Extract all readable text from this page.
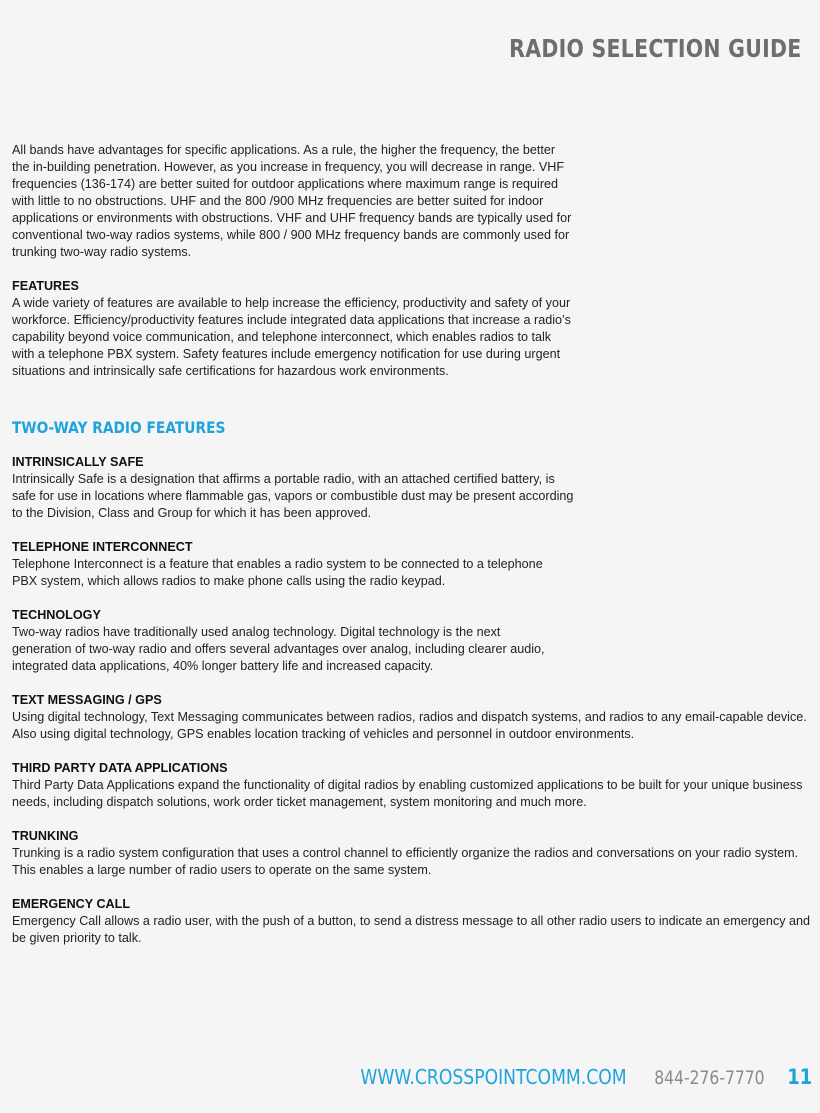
RADIO SELECTION GUIDE

All bands have advantages for specific applications. As a rule, the higher the frequency, the better the in-building penetration. However, as you increase in frequency, you will decrease in range. VHF frequencies (136-174) are better suited for outdoor applications where maximum range is required with little to no obstructions. UHF and the 800 /900 MHz frequencies are better suited for indoor applications or environments with obstructions. VHF and UHF frequency bands are typically used for conventional two-way radios systems, while 800 / 900 MHz frequency bands are commonly used for trunking two-way radio systems.

FEATURES

A wide variety of features are available to help increase the efficiency, productivity and safety of your workforce. Efficiency/productivity features include integrated data applications that increase a radio’s capability beyond voice communication, and telephone interconnect, which enables radios to talk with a telephone PBX system. Safety features include emergency notification for use during urgent situations and intrinsically safe certifications for hazardous work environments.

TWO-WAY RADIO FEATURES

INTRINSICALLY SAFE

Intrinsically Safe is a designation that affirms a portable radio, with an attached certified battery, is safe for use in locations where flammable gas, vapors or combustible dust may be present according to the Division, Class and Group for which it has been approved.

TELEPHONE INTERCONNECT

Telephone Interconnect is a feature that enables a radio system to be connected to a telephone PBX system, which allows radios to make phone calls using the radio keypad.

TECHNOLOGY

Two-way radios have traditionally used analog technology. Digital technology is the next generation of two-way radio and offers several advantages over analog, including clearer audio, integrated data applications, 40% longer battery life and increased capacity.

TEXT MESSAGING / GPS

Using digital technology, Text Messaging communicates between radios, radios and dispatch systems, and radios to any email-capable device. Also using digital technology, GPS enables location tracking of vehicles and personnel in outdoor environments.

THIRD PARTY DATA APPLICATIONS

Third Party Data Applications expand the functionality of digital radios by enabling customized applications to be built for your unique business needs, including dispatch solutions, work order ticket management, system monitoring and much more.

TRUNKING

Trunking is a radio system configuration that uses a control channel to efficiently organize the radios and conversations on your radio system. This enables a large number of radio users to operate on the same system.

EMERGENCY CALL

Emergency Call allows a radio user, with the push of a button, to send a distress message to all other radio users to indicate an emergency and be given priority to talk.

WWW.CROSSPOINTCOMM.COM 844-276-7770 11
